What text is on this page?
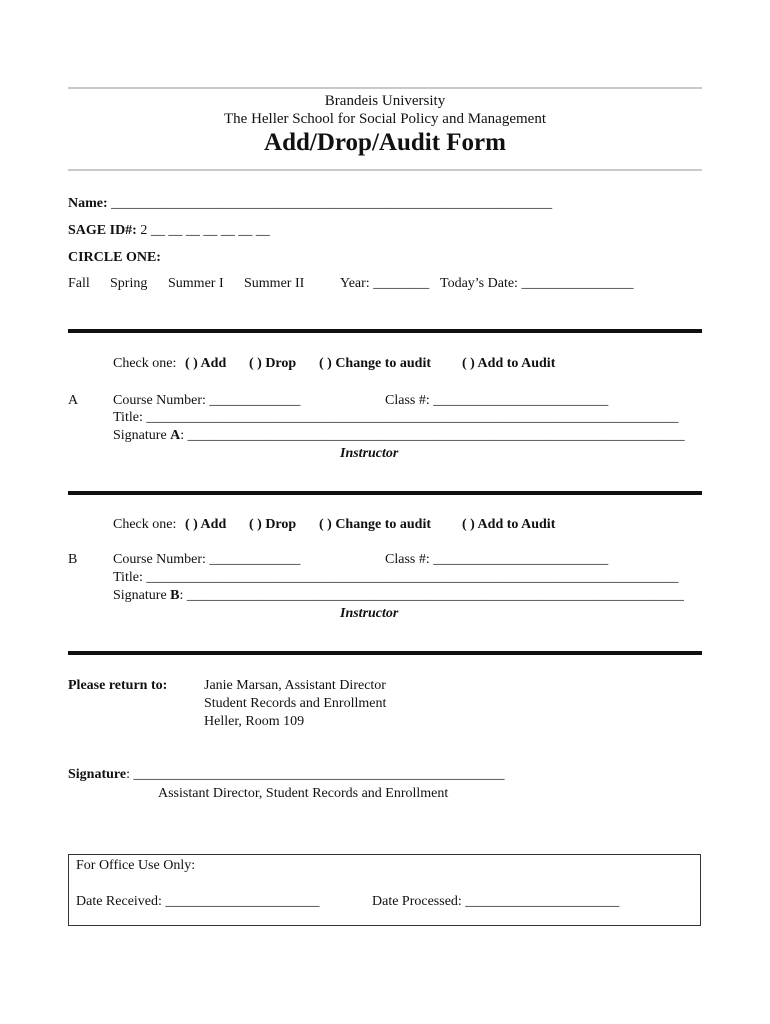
Brandeis University
The Heller School for Social Policy and Management
Add/Drop/Audit Form
Name: _______________________________________________________________
SAGE ID#: 2 __ __ __ __ __ __ __
CIRCLE ONE:
Fall Spring Summer I Summer II	Year: ________ Today’s Date: ________________
Check one: ( ) Add ( ) Drop ( ) Change to audit ( ) Add to Audit
A Course Number: _____________	Class #: _________________________
Title: ____________________________________________________________________________
Signature A: _______________________________________________________________________
Instructor
Check one: ( ) Add ( ) Drop ( ) Change to audit ( ) Add to Audit
B	Course Number: _____________	Class #: _________________________
Title: ____________________________________________________________________________
Signature B: _______________________________________________________________________
Instructor
Please return to:	Janie Marsan, Assistant Director
Student Records and Enrollment
Heller, Room 109
Signature: _____________________________________________________
Assistant Director, Student Records and Enrollment
For Office Use Only:
Date Received: ______________________	Date Processed: ______________________
